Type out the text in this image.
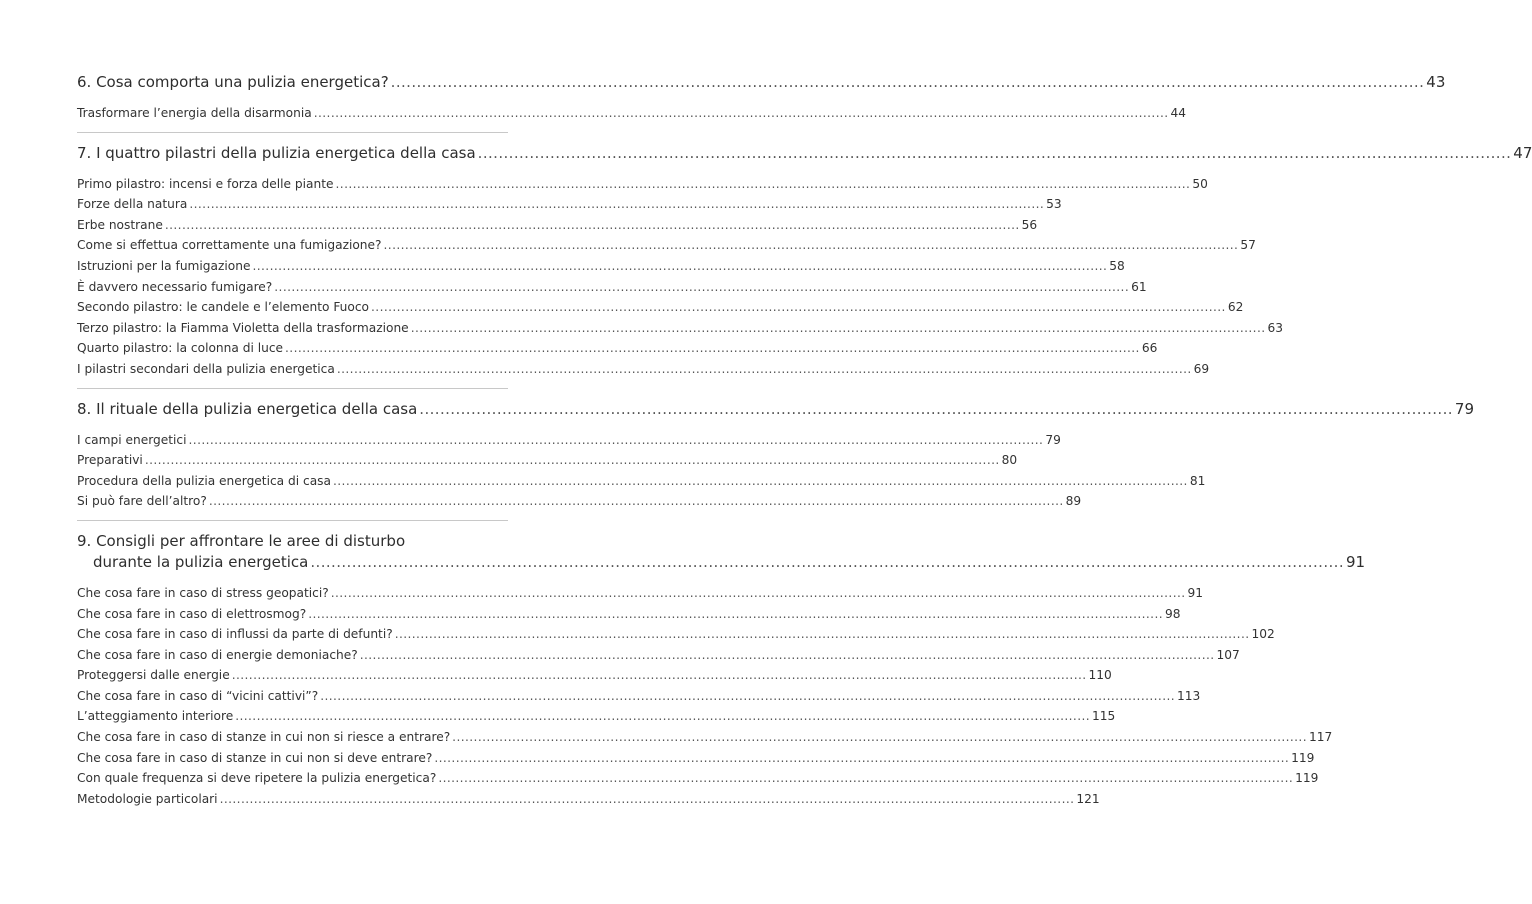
6. Cosa comporta una pulizia energetica? .....	43
Trasformare l’energia della disarmonia .....	44
7. I quattro pilastri della pulizia energetica della casa .....	47
Primo pilastro: incensi e forza delle piante .....	50
Forze della natura .....	53
Erbe nostrane .....	56
Come si effettua correttamente una fumigazione? .....	57
Istruzioni per la fumigazione .....	58
È davvero necessario fumigare? .....	61
Secondo pilastro: le candele e l’elemento Fuoco .....	62
Terzo pilastro: la Fiamma Violetta della trasformazione .....	63
Quarto pilastro: la colonna di luce .....	66
I pilastri secondari della pulizia energetica .....	69
8. Il rituale della pulizia energetica della casa .....	79
I campi energetici .....	79
Preparativi .....	80
Procedura della pulizia energetica di casa .....	81
Si può fare dell’altro? .....	89
9. Consigli per affrontare le aree di disturbo
durante la pulizia energetica .....	91
Che cosa fare in caso di stress geopatici? .....	91
Che cosa fare in caso di elettrosmog? .....	98
Che cosa fare in caso di influssi da parte di defunti? .....	102
Che cosa fare in caso di energie demoniache? .....	107
Proteggersi dalle energie .....	110
Che cosa fare in caso di “vicini cattivi”? .....	113
L’atteggiamento interiore .....	115
Che cosa fare in caso di stanze in cui non si riesce a entrare? .....	117
Che cosa fare in caso di stanze in cui non si deve entrare? .....	119
Con quale frequenza si deve ripetere la pulizia energetica? .....	119
Metodologie particolari .....	121
